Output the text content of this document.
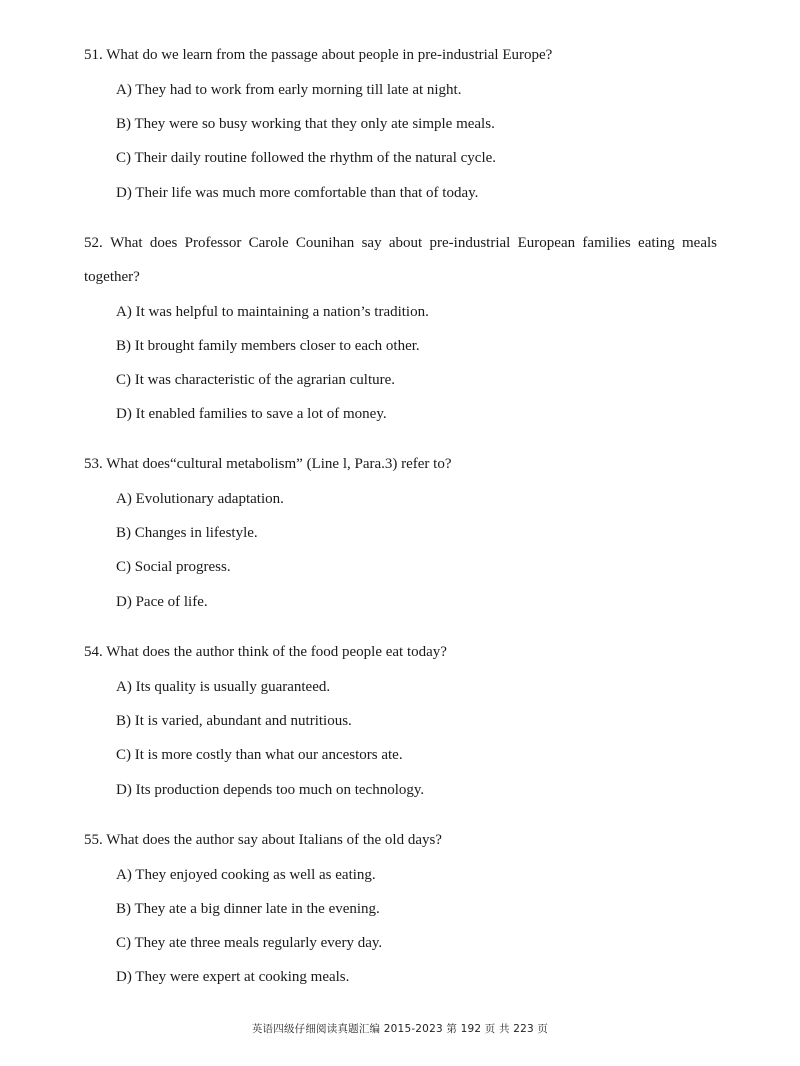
51. What do we learn from the passage about people in pre-industrial Europe?

A) They had to work from early morning till late at night.

B) They were so busy working that they only ate simple meals.

C) Their daily routine followed the rhythm of the natural cycle.

D) Their life was much more comfortable than that of today.

52. What does Professor Carole Counihan say about pre-industrial European families eating meals together?

A) It was helpful to maintaining a nation’s tradition.

B) It brought family members closer to each other.

C) It was characteristic of the agrarian culture.

D) It enabled families to save a lot of money.

53. What does“cultural metabolism” (Line l, Para.3) refer to?

A) Evolutionary adaptation.

B) Changes in lifestyle.

C) Social progress.

D) Pace of life.

54. What does the author think of the food people eat today?

A) Its quality is usually guaranteed.

B) It is varied, abundant and nutritious.

C) It is more costly than what our ancestors ate.

D) Its production depends too much on technology.

55. What does the author say about Italians of the old days?

A) They enjoyed cooking as well as eating.

B) They ate a big dinner late in the evening.

C) They ate three meals regularly every day.

D) They were expert at cooking meals.

英语四级仔细阅读真题汇编 2015-2023 第 192 页 共 223 页
